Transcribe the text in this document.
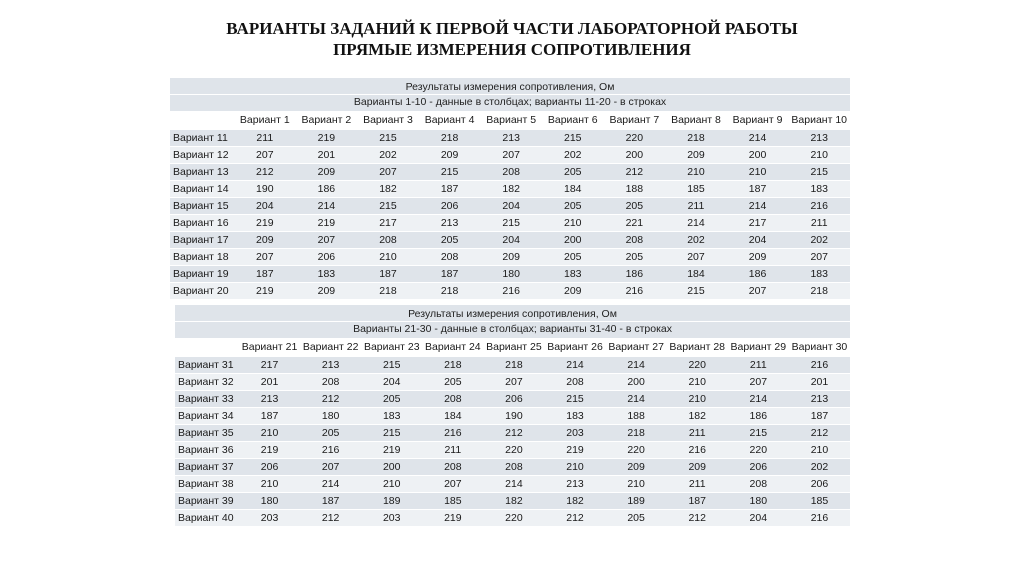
ВАРИАНТЫ ЗАДАНИЙ К ПЕРВОЙ ЧАСТИ ЛАБОРАТОРНОЙ РАБОТЫ
ПРЯМЫЕ ИЗМЕРЕНИЯ СОПРОТИВЛЕНИЯ
Результаты измерения сопротивления, Ом										
Варианты 1-10 - данные в столбцах; варианты 11-20 - в строках										
	Вариант 1	Вариант 2	Вариант 3	Вариант 4	Вариант 5	Вариант 6	Вариант 7	Вариант 8	Вариант 9	Вариант 10
Вариант 11	211	219	215	218	213	215	220	218	214	213
Вариант 12	207	201	202	209	207	202	200	209	200	210
Вариант 13	212	209	207	215	208	205	212	210	210	215
Вариант 14	190	186	182	187	182	184	188	185	187	183
Вариант 15	204	214	215	206	204	205	205	211	214	216
Вариант 16	219	219	217	213	215	210	221	214	217	211
Вариант 17	209	207	208	205	204	200	208	202	204	202
Вариант 18	207	206	210	208	209	205	205	207	209	207
Вариант 19	187	183	187	187	180	183	186	184	186	183
Вариант 20	219	209	218	218	216	209	216	215	207	218
Результаты измерения сопротивления, Ом										
Варианты 21-30 - данные в столбцах; варианты 31-40 - в строках										
	Вариант 21	Вариант 22	Вариант 23	Вариант 24	Вариант 25	Вариант 26	Вариант 27	Вариант 28	Вариант 29	Вариант 30
Вариант 31	217	213	215	218	218	214	214	220	211	216
Вариант 32	201	208	204	205	207	208	200	210	207	201
Вариант 33	213	212	205	208	206	215	214	210	214	213
Вариант 34	187	180	183	184	190	183	188	182	186	187
Вариант 35	210	205	215	216	212	203	218	211	215	212
Вариант 36	219	216	219	211	220	219	220	216	220	210
Вариант 37	206	207	200	208	208	210	209	209	206	202
Вариант 38	210	214	210	207	214	213	210	211	208	206
Вариант 39	180	187	189	185	182	182	189	187	180	185
Вариант 40	203	212	203	219	220	212	205	212	204	216
